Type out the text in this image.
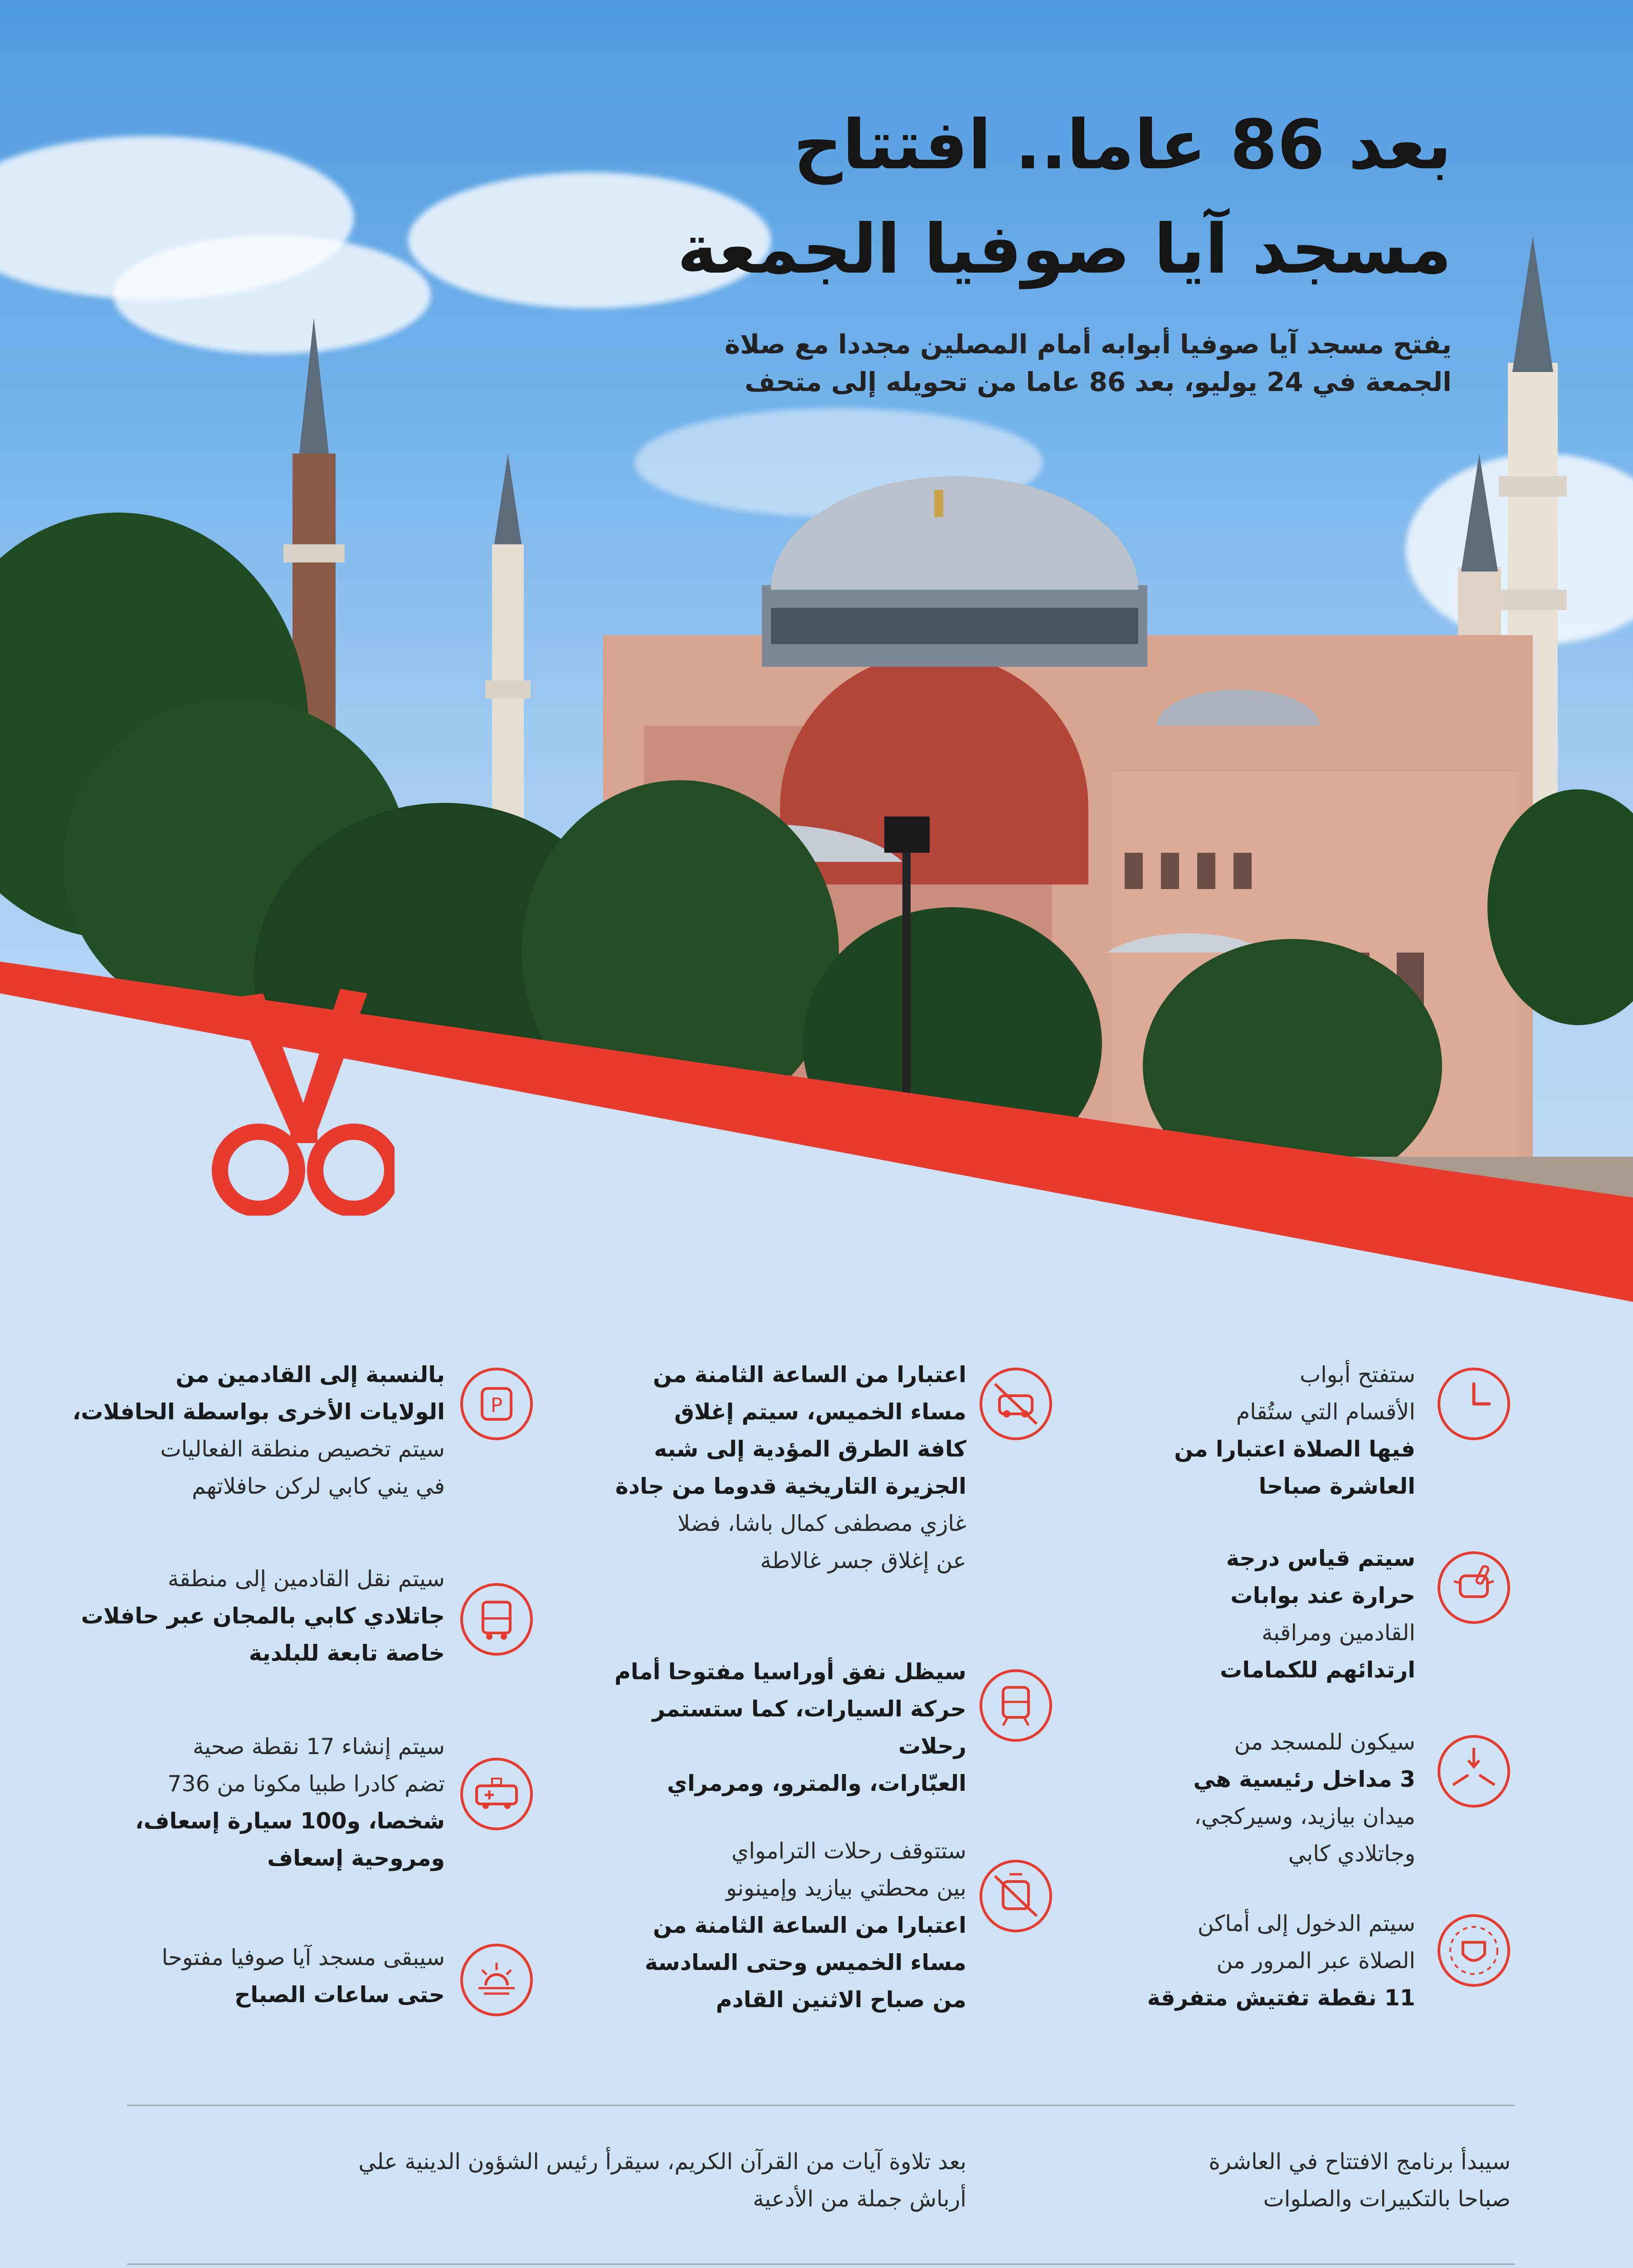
بعد 86 عاما.. افتتاح
مسجد آيا صوفيا الجمعة
يفتح مسجد آيا صوفيا أبوابه أمام المصلين مجددا مع صلاة
الجمعة في 24 يوليو، بعد 86 عاما من تحويله إلى متحف
ستفتح أبواب
الأقسام التي ستُقام
فيها الصلاة اعتبارا من
العاشرة صباحا
سيتم قياس درجة
حرارة عند بوابات
القادمين ومراقبة
ارتدائهم للكمامات
سيكون للمسجد من
3 مداخل رئيسية هي
ميدان بيازيد، وسيركجي،
وجاتلادي كابي
سيتم الدخول إلى أماكن
الصلاة عبر المرور من
11 نقطة تفتيش متفرقة
اعتبارا من الساعة الثامنة من
مساء الخميس، سيتم إغلاق
كافة الطرق المؤدية إلى شبه
الجزيرة التاريخية قدوما من جادة
غازي مصطفى كمال باشا، فضلا
عن إغلاق جسر غالاطة
سيظل نفق أوراسيا مفتوحا أمام
حركة السيارات، كما ستستمر رحلات
العبّارات، والمترو، ومرمراي
ستتوقف رحلات الترامواي
بين محطتي بيازيد وإمينونو
اعتبارا من الساعة الثامنة من
مساء الخميس وحتى السادسة
من صباح الاثنين القادم
P
بالنسبة إلى القادمين من
الولايات الأخرى بواسطة الحافلات،
سيتم تخصيص منطقة الفعاليات
في يني كابي لركن حافلاتهم
سيتم نقل القادمين إلى منطقة
جاتلادي كابي بالمجان عبر حافلات
خاصة تابعة للبلدية
سيتم إنشاء 17 نقطة صحية
تضم كادرا طبيا مكونا من 736
شخصا، و100 سيارة إسعاف،
ومروحية إسعاف
سيبقى مسجد آيا صوفيا مفتوحا
حتى ساعات الصباح
سيبدأ برنامج الافتتاح في العاشرة
صباحا بالتكبيرات والصلوات
بعد تلاوة آيات من القرآن الكريم، سيقرأ رئيس الشؤون الدينية علي
أرباش جملة من الأدعية
